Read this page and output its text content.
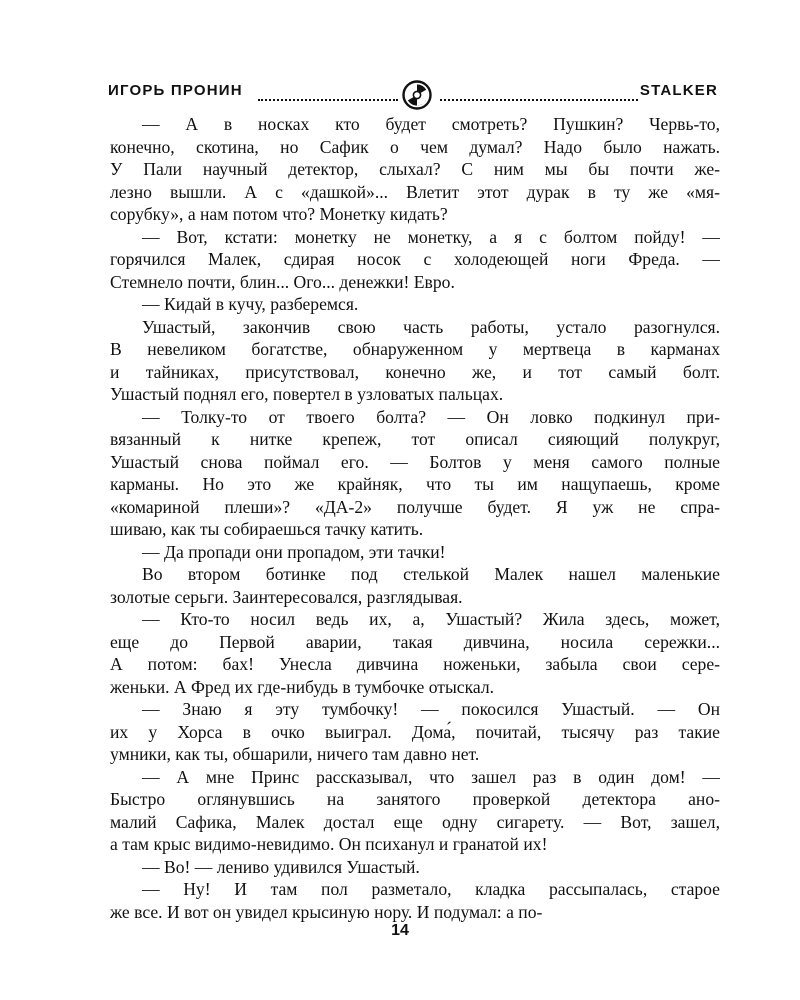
ИГОРЬ ПРОНИН	STALKER
— А в носках кто будет смотреть? Пушкин? Червь-то,
конечно, скотина, но Сафик о чем думал? Надо было нажать.
У Пали научный детектор, слыхал? С ним мы бы почти же-
лезно вышли. А с «дашкой»... Влетит этот дурак в ту же «мя-
сорубку», а нам потом что? Монетку кидать?
— Вот, кстати: монетку не монетку, а я с болтом пойду! —
горячился Малек, сдирая носок с холодеющей ноги Фреда. —
Стемнело почти, блин... Ого... денежки! Евро.
— Кидай в кучу, разберемся.
Ушастый, закончив свою часть работы, устало разогнулся.
В невеликом богатстве, обнаруженном у мертвеца в карманах
и тайниках, присутствовал, конечно же, и тот самый болт.
Ушастый поднял его, повертел в узловатых пальцах.
— Толку-то от твоего болта? — Он ловко подкинул при-
вязанный к нитке крепеж, тот описал сияющий полукруг,
Ушастый снова поймал его. — Болтов у меня самого полные
карманы. Но это же крайняк, что ты им нащупаешь, кроме
«комариной плеши»? «ДА-2» получше будет. Я уж не спра-
шиваю, как ты собираешься тачку катить.
— Да пропади они пропадом, эти тачки!
Во втором ботинке под стелькой Малек нашел маленькие
золотые серьги. Заинтересовался, разглядывая.
— Кто-то носил ведь их, а, Ушастый? Жила здесь, может,
еще до Первой аварии, такая дивчина, носила сережки...
А потом: бах! Унесла дивчина ноженьки, забыла свои сере-
женьки. А Фред их где-нибудь в тумбочке отыскал.
— Знаю я эту тумбочку! — покосился Ушастый. — Он
их у Хорса в очко выиграл. Дома́, почитай, тысячу раз такие
умники, как ты, обшарили, ничего там давно нет.
— А мне Принс рассказывал, что зашел раз в один дом! —
Быстро оглянувшись на занятого проверкой детектора ано-
малий Сафика, Малек достал еще одну сигарету. — Вот, зашел,
а там крыс видимо-невидимо. Он психанул и гранатой их!
— Во! — лениво удивился Ушастый.
— Ну! И там пол разметало, кладка рассыпалась, старое
же все. И вот он увидел крысиную нору. И подумал: а по-
14
